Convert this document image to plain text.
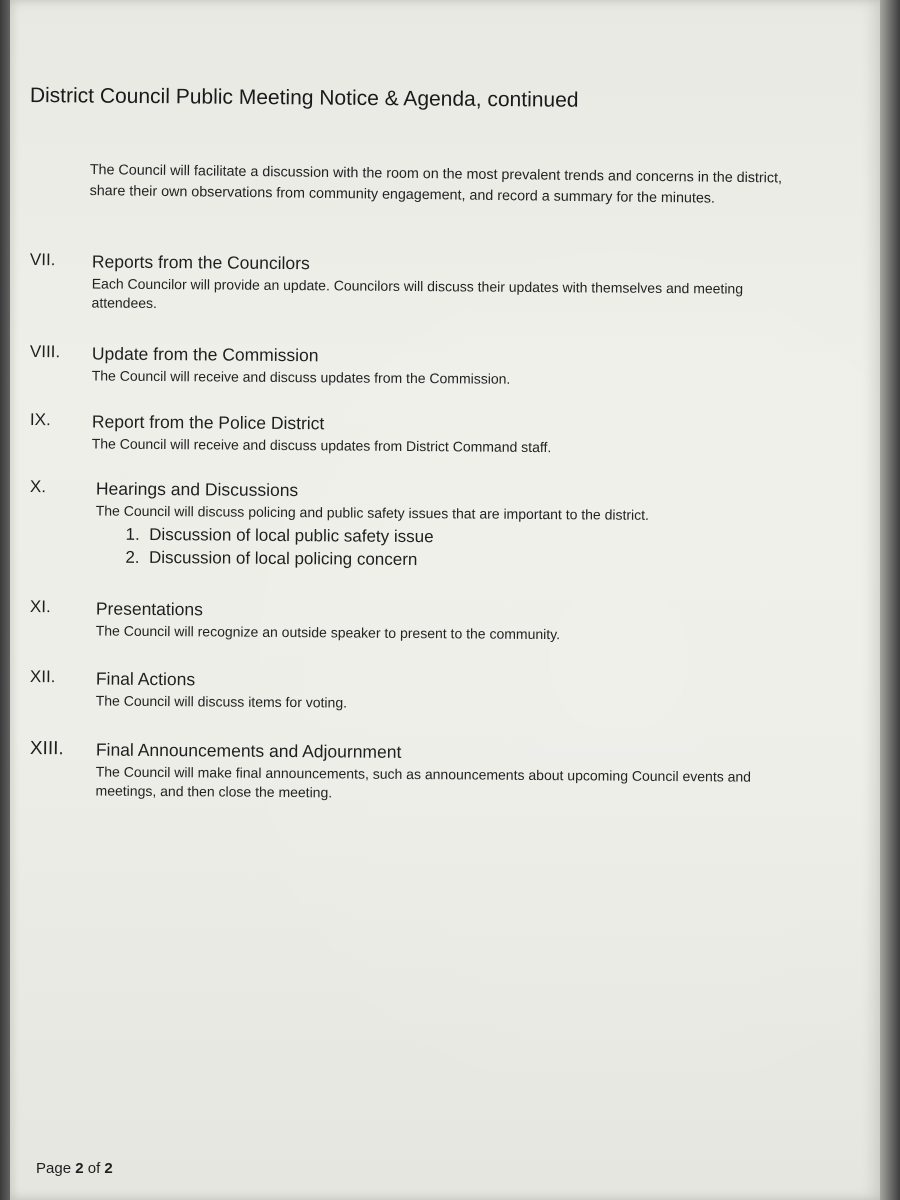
District Council Public Meeting Notice & Agenda, continued
The Council will facilitate a discussion with the room on the most prevalent trends and concerns in the district, share their own observations from community engagement, and record a summary for the minutes.
VII.	Reports from the Councilors
Each Councilor will provide an update. Councilors will discuss their updates with themselves and meeting attendees.
VIII.	Update from the Commission
The Council will receive and discuss updates from the Commission.
IX.	Report from the Police District
The Council will receive and discuss updates from District Command staff.
X.	Hearings and Discussions
The Council will discuss policing and public safety issues that are important to the district.
1. Discussion of local public safety issue
2. Discussion of local policing concern
XI.	Presentations
The Council will recognize an outside speaker to present to the community.
XII.	Final Actions
The Council will discuss items for voting.
XIII.	Final Announcements and Adjournment
The Council will make final announcements, such as announcements about upcoming Council events and meetings, and then close the meeting.
Page 2 of 2
